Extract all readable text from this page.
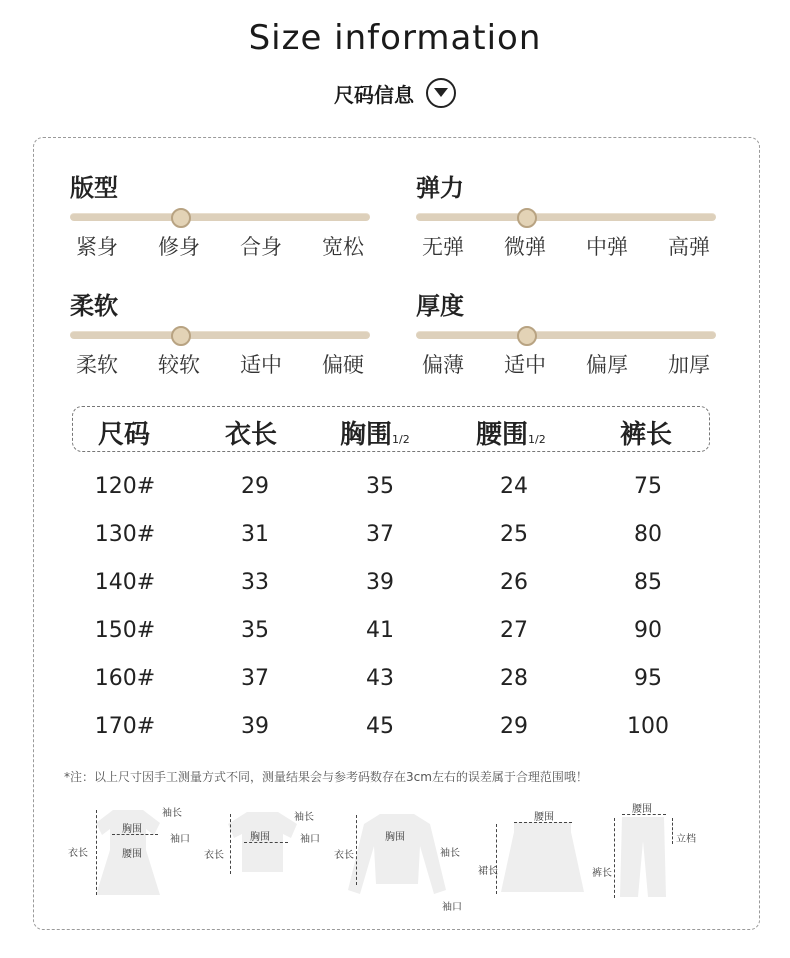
Size information
尺码信息
版型
紧身 修身 合身 宽松
弹力
无弹 微弹 中弹 高弹
柔软
柔软 较软 适中 偏硬
厚度
偏薄 适中 偏厚 加厚
尺码	衣长 胸围1/2	腰围1/2	裤长
120#	29	35	24	75
130#	31	37	25	80
140#	33	39	26	85
150#	35	41	27	90
160#	37	43	28	95
170#	39	45	29	100
*注：以上尺寸因手工测量方式不同，测量结果会与参考码数存在3cm左右的误差属于合理范围哦！
胸围
腰围
袖长
袖口
衣长
胸围
袖长
袖口
衣长
胸围
袖长
袖口
衣长
腰围
裙长
腰围
立档
裤长
